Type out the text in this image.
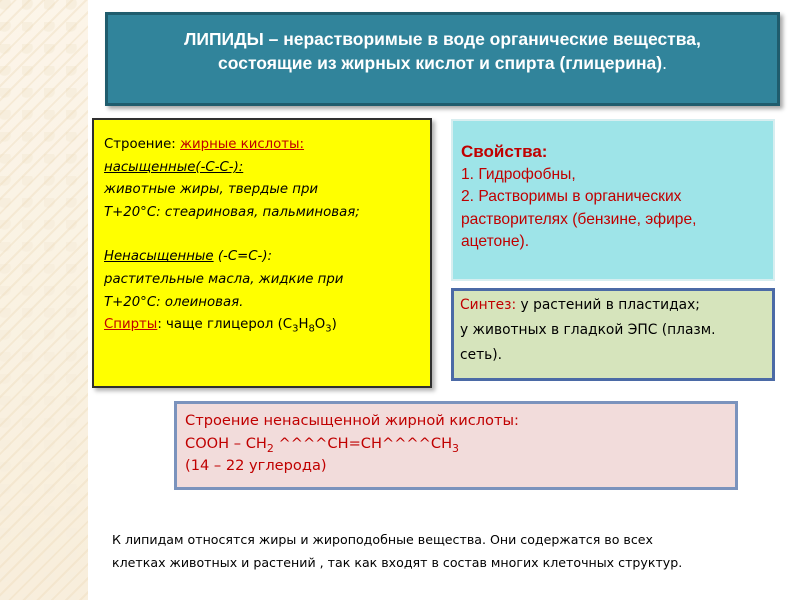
ЛИПИДЫ – нерастворимые в воде органические вещества,
состоящие из жирных кислот и спирта (глицерина).
Строение: жирные кислоты:
насыщенные(-С-С-):
животные жиры, твердые при
Т+20°С: стеариновая, пальминовая;
Ненасыщенные (-С=С-):
растительные масла, жидкие при
Т+20°С: олеиновая.
Спирты: чаще глицерол $(С_3Н_8О_3)$
Свойства:
1. Гидрофобны,
2. Растворимы в органических
растворителях (бензине, эфире,
ацетоне).
Синтез: у растений в пластидах;
у животных в гладкой ЭПС (плазм.
сеть).
Строение ненасыщенной жирной кислоты:
СООН – $СН_2$ $\^{}\^{}\^{}\^{}СН=СН\^{}\^{}\^{}\^{}СН_3$
(14 – 22 углерода)
К липидам относятся жиры и жироподобные вещества. Они содержатся во всех
клетках животных и растений , так как входят в состав многих клеточных структур.
